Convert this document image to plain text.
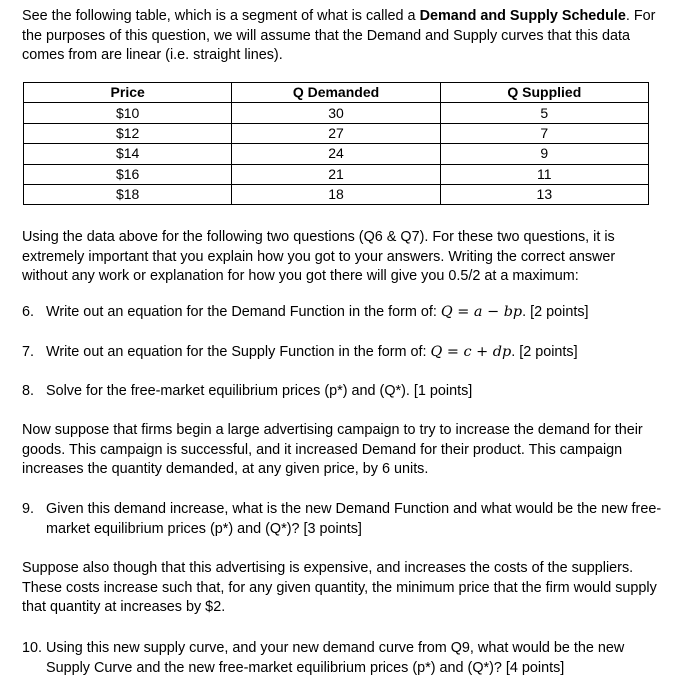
See the following table, which is a segment of what is called a Demand and Supply Schedule. For the purposes of this question, we will assume that the Demand and Supply curves that this data comes from are linear (i.e. straight lines).

Price	Q Demanded	Q Supplied
$10	30	5
$12	27	7
$14	24	9
$16	21	11
$18	18	13

Using the data above for the following two questions (Q6 & Q7). For these two questions, it is extremely important that you explain how you got to your answers. Writing the correct answer without any work or explanation for how you got there will give you 0.5/2 at a maximum:

6. Write out an equation for the Demand Function in the form of: Q = a − bp. [2 points]

7. Write out an equation for the Supply Function in the form of: Q = c + dp. [2 points]

8. Solve for the free-market equilibrium prices (p*) and (Q*). [1 points]

Now suppose that firms begin a large advertising campaign to try to increase the demand for their goods. This campaign is successful, and it increased Demand for their product. This campaign increases the quantity demanded, at any given price, by 6 units.

9. Given this demand increase, what is the new Demand Function and what would be the new free-market equilibrium prices (p*) and (Q*)? [3 points]

Suppose also though that this advertising is expensive, and increases the costs of the suppliers. These costs increase such that, for any given quantity, the minimum price that the firm would supply that quantity at increases by $2.

10. Using this new supply curve, and your new demand curve from Q9, what would be the new Supply Curve and the new free-market equilibrium prices (p*) and (Q*)? [4 points]
